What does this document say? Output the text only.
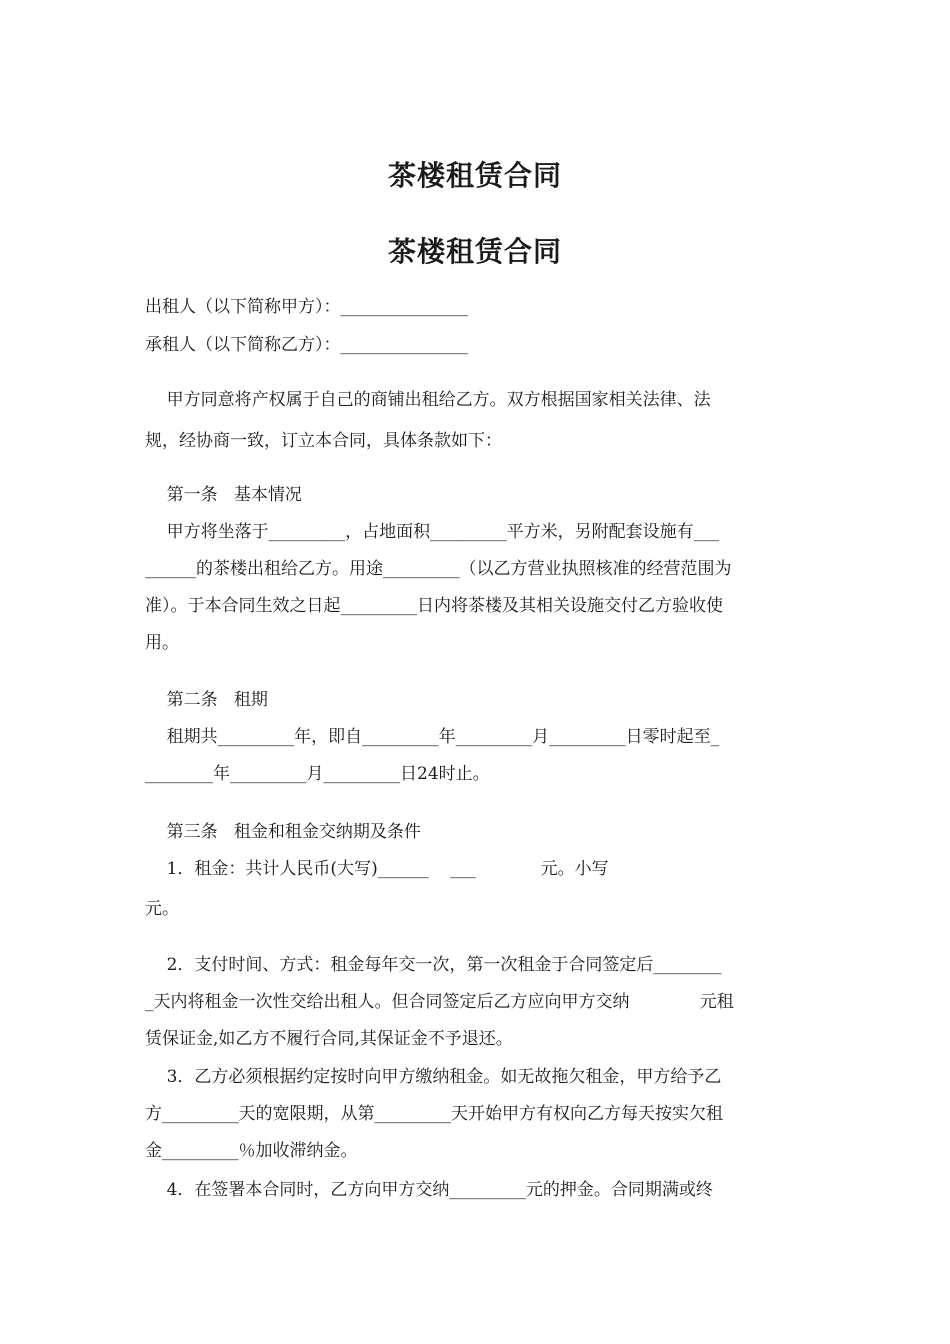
茶楼租赁合同
茶楼租赁合同
出租人（以下简称甲方）：_______________
承租人（以下简称乙方）：_______________
甲方同意将产权属于自己的商铺出租给乙方。双方根据国家相关法律、法
规，经协商一致，订立本合同，具体条款如下：
第一条   基本情况
甲方将坐落于_________，占地面积_________平方米，另附配套设施有___
______的茶楼出租给乙方。用途_________（以乙方营业执照核准的经营范围为
准）。于本合同生效之日起_________日内将茶楼及其相关设施交付乙方验收使
用。
第二条   租期
租期共_________年，即自_________年_________月_________日零时起至_
________年_________月_________日24时止。
第三条   租金和租金交纳期及条件
1．租金：共计人民币(大写)______    ___            元。小写
元。
2．支付时间、方式：租金每年交一次，第一次租金于合同签定后________
_天内将租金一次性交给出租人。但合同签定后乙方应向甲方交纳             元租
赁保证金,如乙方不履行合同,其保证金不予退还。
3．乙方必须根据约定按时向甲方缴纳租金。如无故拖欠租金，甲方给予乙
方_________天的宽限期，从第_________天开始甲方有权向乙方每天按实欠租
金_________％加收滞纳金。
4．在签署本合同时，乙方向甲方交纳_________元的押金。合同期满或终
